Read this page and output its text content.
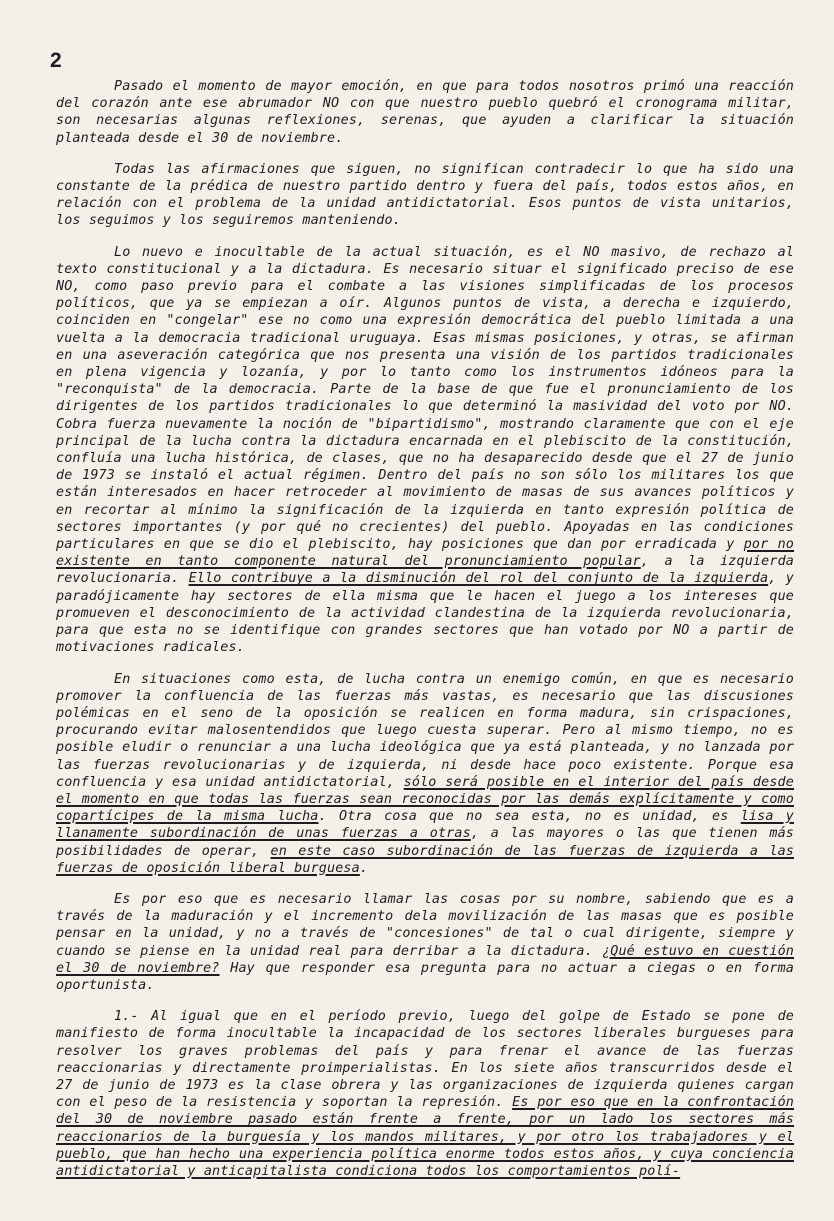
2

Pasado el momento de mayor emoción, en que para todos nosotros primó una reacción del corazón ante ese abrumador NO con que nuestro pueblo quebró el cronograma militar, son necesarias algunas reflexiones, serenas, que ayuden a clarificar la situación planteada desde el 30 de noviembre.

Todas las afirmaciones que siguen, no significan contradecir lo que ha sido una constante de la prédica de nuestro partido dentro y fuera del país, todos estos años, en relación con el problema de la unidad antidictatorial. Esos puntos de vista unitarios, los seguimos y los seguiremos manteniendo.

Lo nuevo e inocultable de la actual situación, es el NO masivo, de rechazo al texto constitucional y a la dictadura. Es necesario situar el significado preciso de ese NO, como paso previo para el combate a las visiones simplificadas de los procesos políticos, que ya se empiezan a oír. Algunos puntos de vista, a derecha e izquierdo, coinciden en "congelar" ese no como una expresión democrática del pueblo limitada a una vuelta a la democracia tradicional uruguaya. Esas mismas posiciones, y otras, se afirman en una aseveración categórica que nos presenta una visión de los partidos tradicionales en plena vigencia y lozanía, y por lo tanto como los instrumentos idóneos para la "reconquista" de la democracia. Parte de la base de que fue el pronunciamiento de los dirigentes de los partidos tradicionales lo que determinó la masividad del voto por NO. Cobra fuerza nuevamente la noción de "bipartidismo", mostrando claramente que con el eje principal de la lucha contra la dictadura encarnada en el plebiscito de la constitución, confluía una lucha histórica, de clases, que no ha desaparecido desde que el 27 de junio de 1973 se instaló el actual régimen. Dentro del país no son sólo los militares los que están interesados en hacer retroceder al movimiento de masas de sus avances políticos y en recortar al mínimo la significación de la izquierda en tanto expresión política de sectores importantes (y por qué no crecientes) del pueblo. Apoyadas en las condiciones particulares en que se dio el plebiscito, hay posiciones que dan por erradicada y por no existente en tanto componente natural del pronunciamiento popular, a la izquierda revolucionaria. Ello contribuye a la disminución del rol del conjunto de la izquierda, y paradójicamente hay sectores de ella misma que le hacen el juego a los intereses que promueven el desconocimiento de la actividad clandestina de la izquierda revolucionaria, para que esta no se identifique con grandes sectores que han votado por NO a partir de motivaciones radicales.

En situaciones como esta, de lucha contra un enemigo común, en que es necesario promover la confluencia de las fuerzas más vastas, es necesario que las discusiones polémicas en el seno de la oposición se realicen en forma madura, sin crispaciones, procurando evitar malosentendidos que luego cuesta superar. Pero al mismo tiempo, no es posible eludir o renunciar a una lucha ideológica que ya está planteada, y no lanzada por las fuerzas revolucionarias y de izquierda, ni desde hace poco existente. Porque esa confluencia y esa unidad antidictatorial, sólo será posible en el interior del país desde el momento en que todas las fuerzas sean reconocidas por las demás explícitamente y como copartícipes de la misma lucha. Otra cosa que no sea esta, no es unidad, es lisa y llanamente subordinación de unas fuerzas a otras, a las mayores o las que tienen más posibilidades de operar, en este caso subordinación de las fuerzas de izquierda a las fuerzas de oposición liberal burguesa.

Es por eso que es necesario llamar las cosas por su nombre, sabiendo que es a través de la maduración y el incremento dela movilización de las masas que es posible pensar en la unidad, y no a través de "concesiones" de tal o cual dirigente, siempre y cuando se piense en la unidad real para derribar a la dictadura. ¿Qué estuvo en cuestión el 30 de noviembre? Hay que responder esa pregunta para no actuar a ciegas o en forma oportunista.

1.- Al igual que en el período previo, luego del golpe de Estado se pone de manifiesto de forma inocultable la incapacidad de los sectores liberales burgueses para resolver los graves problemas del país y para frenar el avance de las fuerzas reaccionarias y directamente proimperialistas. En los siete años transcurridos desde el 27 de junio de 1973 es la clase obrera y las organizaciones de izquierda quienes cargan con el peso de la resistencia y soportan la represión. Es por eso que en la confrontación del 30 de noviembre pasado están frente a frente, por un lado los sectores más reaccionarios de la burguesía y los mandos militares, y por otro los trabajadores y el pueblo, que han hecho una experiencia política enorme todos estos años, y cuya conciencia antidictatorial y anticapitalista condiciona todos los comportamientos polí-
